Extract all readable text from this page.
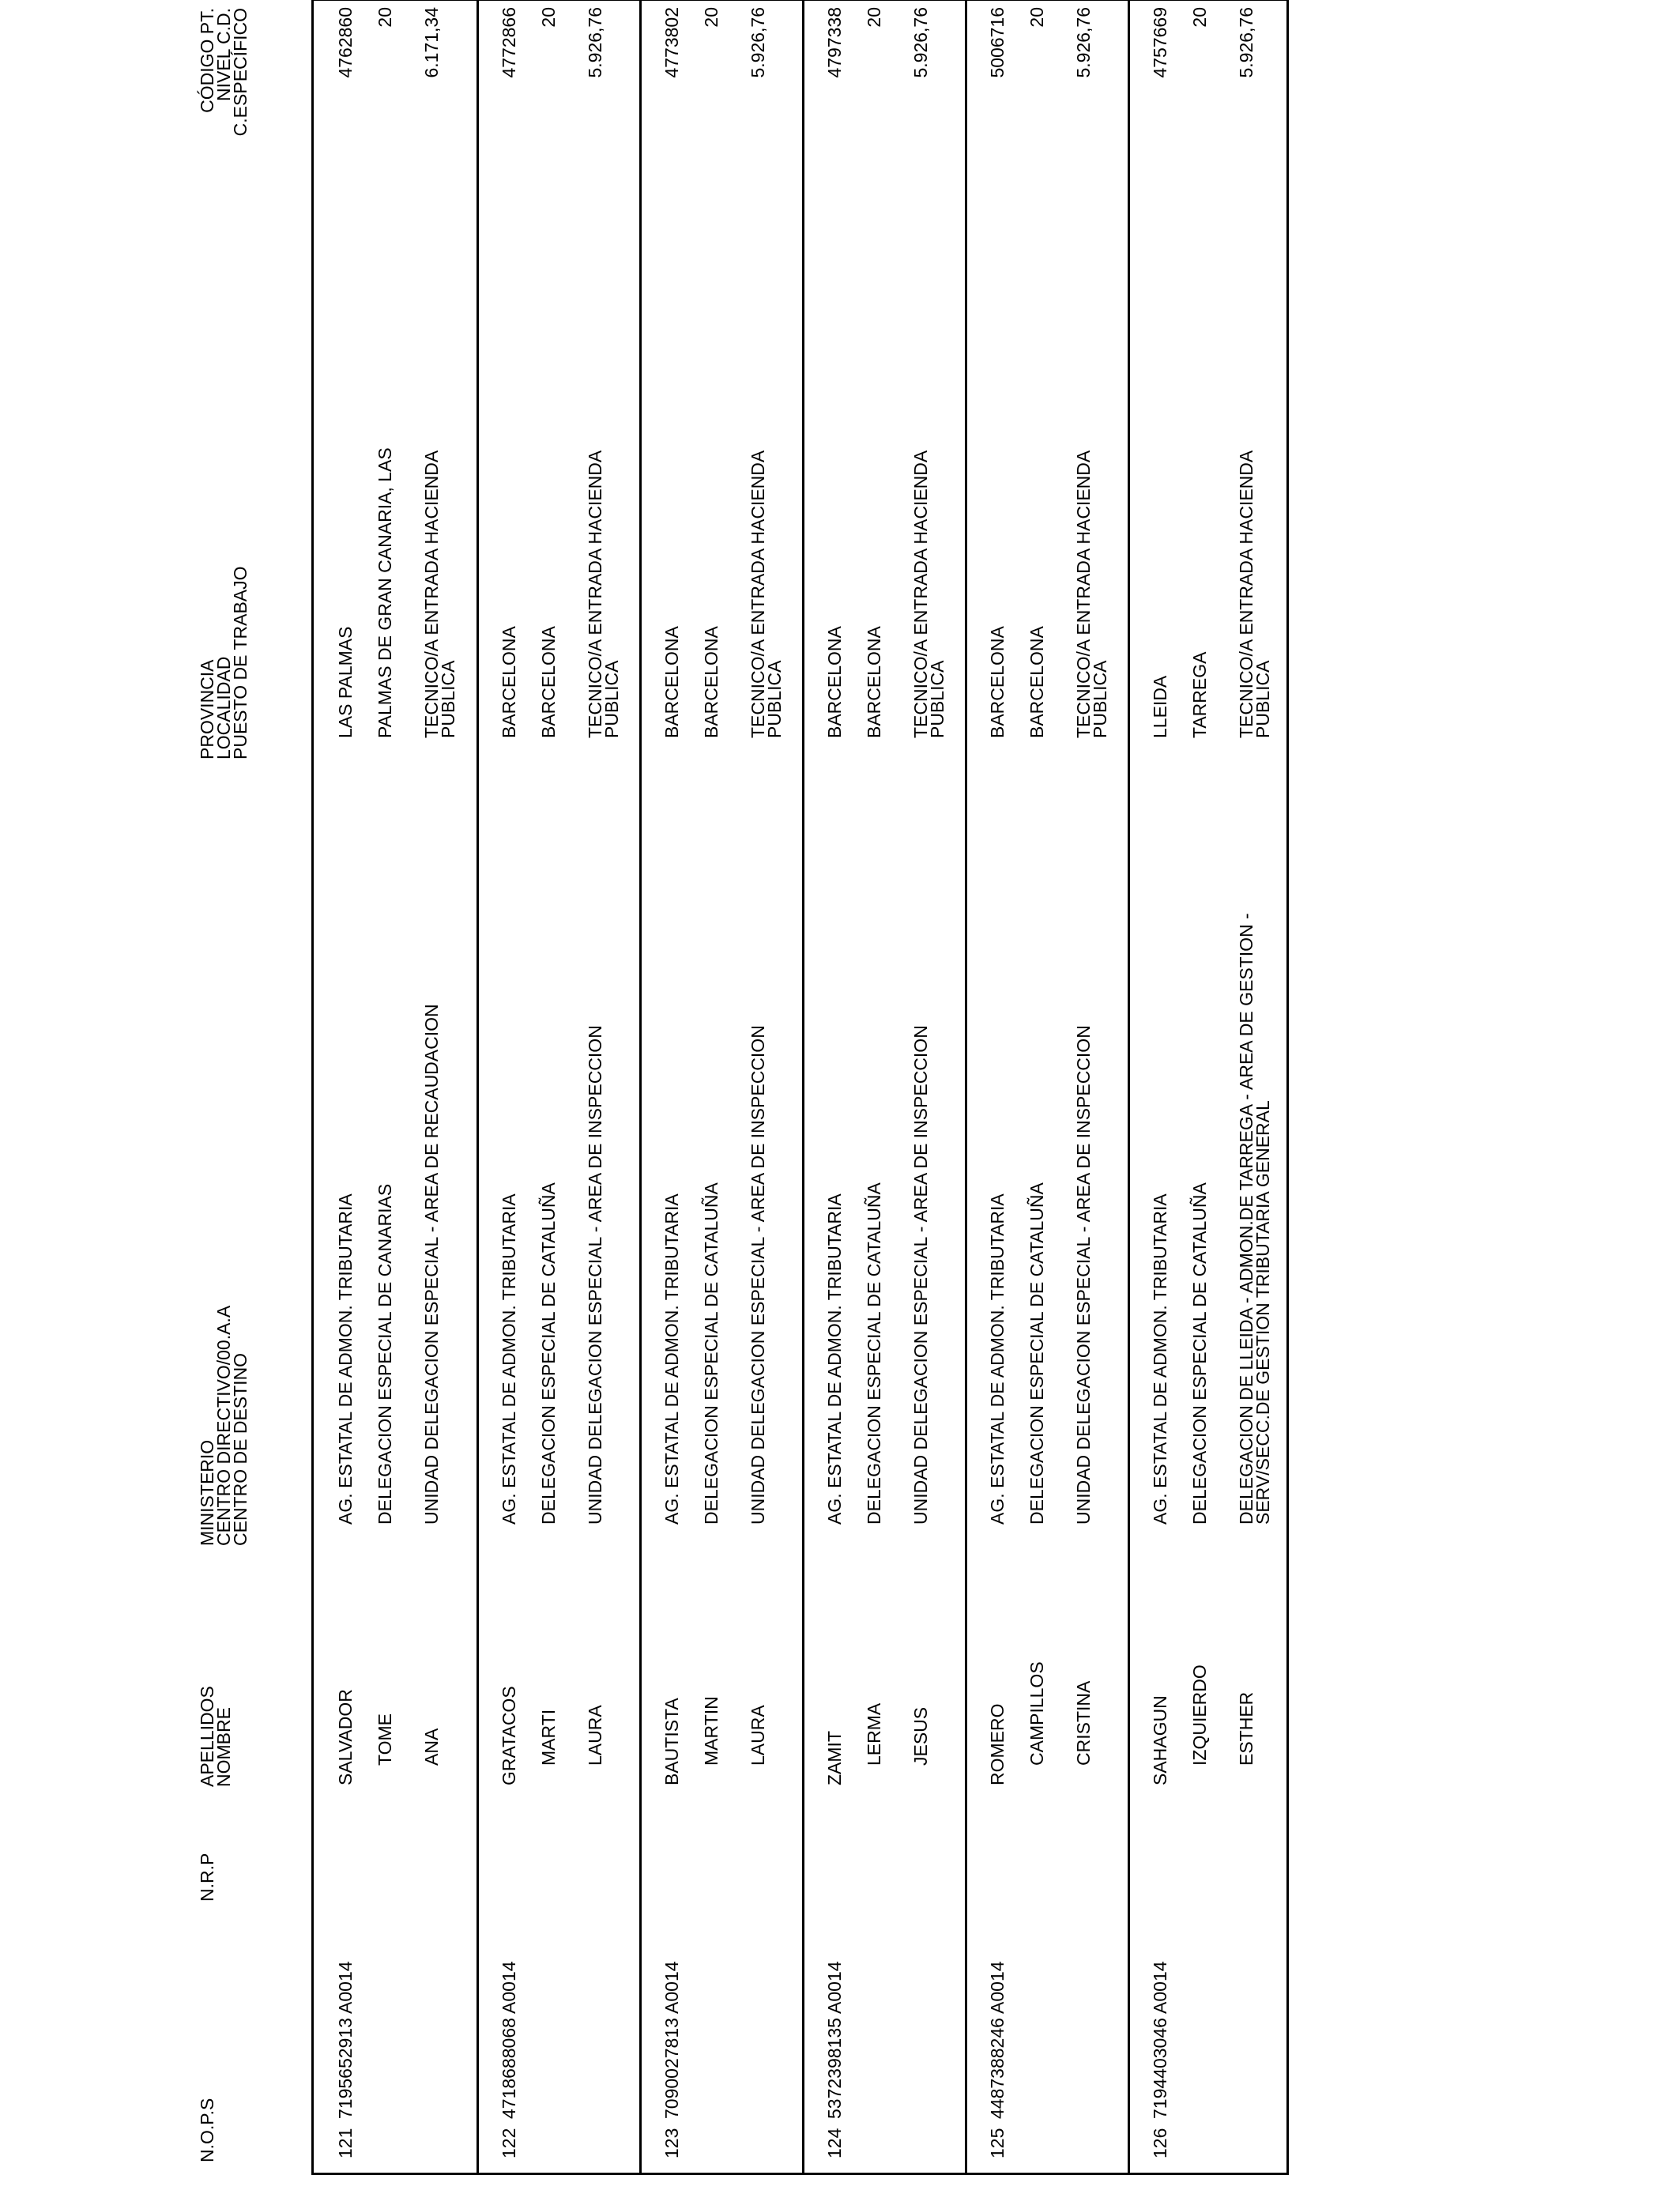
N.O.P.S
N.R.P
APELLIDOS
NOMBRE
MINISTERIO
CENTRO DIRECTIVO/00.A.A
CENTRO DE DESTINO
PROVINCIA
LOCALIDAD
PUESTO DE TRABAJO
CÓDIGO PT.
NIVEL C.D.
C.ESPECÍFICO
121
7195652913 A0014
SALVADOR TOME ANA
AG. ESTATAL DE ADMON. TRIBUTARIA DELEGACION ESPECIAL DE CANARIAS UNIDAD DELEGACION ESPECIAL - AREA DE RECAUDACION
LAS PALMAS PALMAS DE GRAN CANARIA, LAS TECNICO/A ENTRADA HACIENDA
PUBLICA
4762860 20 6.171,34
122
4718688068 A0014
GRATACOS MARTI LAURA
AG. ESTATAL DE ADMON. TRIBUTARIA DELEGACION ESPECIAL DE CATALUÑA UNIDAD DELEGACION ESPECIAL - AREA DE INSPECCION
BARCELONA BARCELONA TECNICO/A ENTRADA HACIENDA
PUBLICA
4772866 20 5.926,76
123
7090027813 A0014
BAUTISTA MARTIN LAURA
AG. ESTATAL DE ADMON. TRIBUTARIA DELEGACION ESPECIAL DE CATALUÑA UNIDAD DELEGACION ESPECIAL - AREA DE INSPECCION
BARCELONA BARCELONA TECNICO/A ENTRADA HACIENDA
PUBLICA
4773802 20 5.926,76
124
5372398135 A0014
ZAMIT LERMA JESUS
AG. ESTATAL DE ADMON. TRIBUTARIA DELEGACION ESPECIAL DE CATALUÑA UNIDAD DELEGACION ESPECIAL - AREA DE INSPECCION
BARCELONA BARCELONA TECNICO/A ENTRADA HACIENDA
PUBLICA
4797338 20 5.926,76
125
4487388246 A0014
ROMERO CAMPILLOS CRISTINA
AG. ESTATAL DE ADMON. TRIBUTARIA DELEGACION ESPECIAL DE CATALUÑA UNIDAD DELEGACION ESPECIAL - AREA DE INSPECCION
BARCELONA BARCELONA TECNICO/A ENTRADA HACIENDA
PUBLICA
5006716 20 5.926,76
126
7194403046 A0014
SAHAGUN IZQUIERDO ESTHER
AG. ESTATAL DE ADMON. TRIBUTARIA DELEGACION ESPECIAL DE CATALUÑA DELEGACION DE LLEIDA - ADMON.DE TARREGA - AREA DE GESTION -
SERV/SECC.DE GESTION TRIBUTARIA GENERAL
LLEIDA TARREGA TECNICO/A ENTRADA HACIENDA
PUBLICA
4757669 20 5.926,76
